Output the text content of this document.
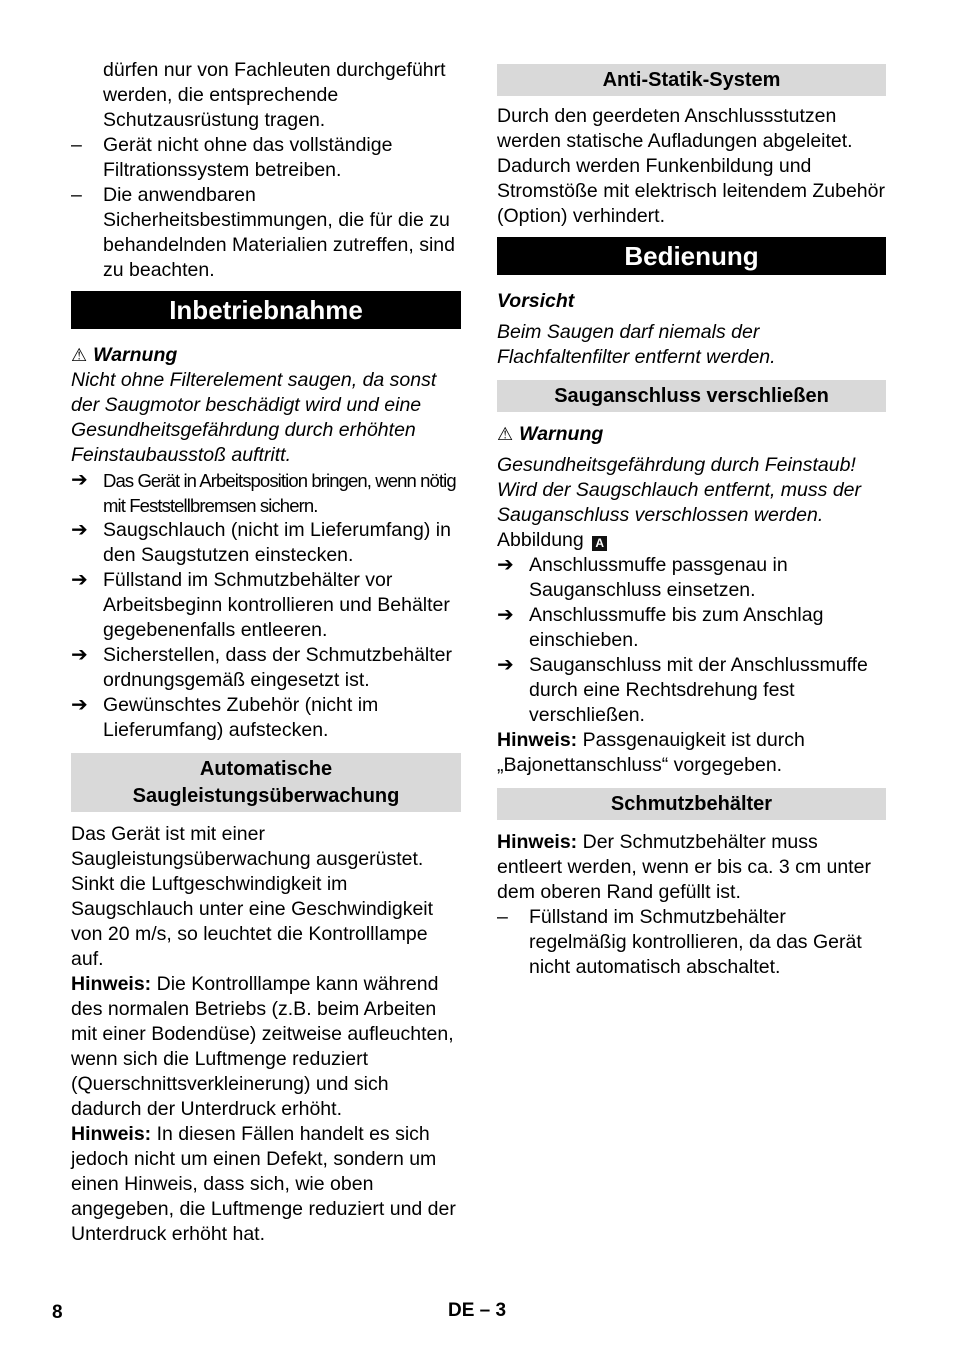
dürfen nur von Fachleuten durchgeführt werden, die entsprechende Schutzausrüstung tragen.

– Gerät nicht ohne das vollständige Filtrationssystem betreiben.

– Die anwendbaren Sicherheitsbestimmungen, die für die zu behandelnden Materialien zutreffen, sind zu beachten.

Inbetriebnahme

⚠ Warnung

Nicht ohne Filterelement saugen, da sonst der Saugmotor beschädigt wird und eine Gesundheitsgefährdung durch erhöhten Feinstaubausstoß auftritt.

➔ Das Gerät in Arbeitsposition bringen, wenn nötig mit Feststellbremsen sichern.

➔ Saugschlauch (nicht im Lieferumfang) in den Saugstutzen einstecken.

➔ Füllstand im Schmutzbehälter vor Arbeitsbeginn kontrollieren und Behälter gegebenenfalls entleeren.

➔ Sicherstellen, dass der Schmutzbehälter ordnungsgemäß eingesetzt ist.

➔ Gewünschtes Zubehör (nicht im Lieferumfang) aufstecken.

Automatische
Saugleistungsüberwachung

Das Gerät ist mit einer Saugleistungsüberwachung ausgerüstet. Sinkt die Luftgeschwindigkeit im Saugschlauch unter eine Geschwindigkeit von 20 m/s, so leuchtet die Kontrolllampe auf.

Hinweis: Die Kontrolllampe kann während des normalen Betriebs (z.B. beim Arbeiten mit einer Bodendüse) zeitweise aufleuchten, wenn sich die Luftmenge reduziert (Querschnittsverkleinerung) und sich dadurch der Unterdruck erhöht.

Hinweis: In diesen Fällen handelt es sich jedoch nicht um einen Defekt, sondern um einen Hinweis, dass sich, wie oben angegeben, die Luftmenge reduziert und der Unterdruck erhöht hat.

Anti-Statik-System

Durch den geerdeten Anschlussstutzen werden statische Aufladungen abgeleitet. Dadurch werden Funkenbildung und Stromstöße mit elektrisch leitendem Zubehör (Option) verhindert.

Bedienung

Vorsicht

Beim Saugen darf niemals der Flachfaltenfilter entfernt werden.

Sauganschluss verschließen

⚠ Warnung

Gesundheitsgefährdung durch Feinstaub! Wird der Saugschlauch entfernt, muss der Sauganschluss verschlossen werden.

Abbildung A

➔ Anschlussmuffe passgenau in Sauganschluss einsetzen.

➔ Anschlussmuffe bis zum Anschlag einschieben.

➔ Sauganschluss mit der Anschlussmuffe durch eine Rechtsdrehung fest verschließen.

Hinweis: Passgenauigkeit ist durch „Bajonettanschluss“ vorgegeben.

Schmutzbehälter

Hinweis: Der Schmutzbehälter muss entleert werden, wenn er bis ca. 3 cm unter dem oberen Rand gefüllt ist.

– Füllstand im Schmutzbehälter regelmäßig kontrollieren, da das Gerät nicht automatisch abschaltet.

8	DE – 3
